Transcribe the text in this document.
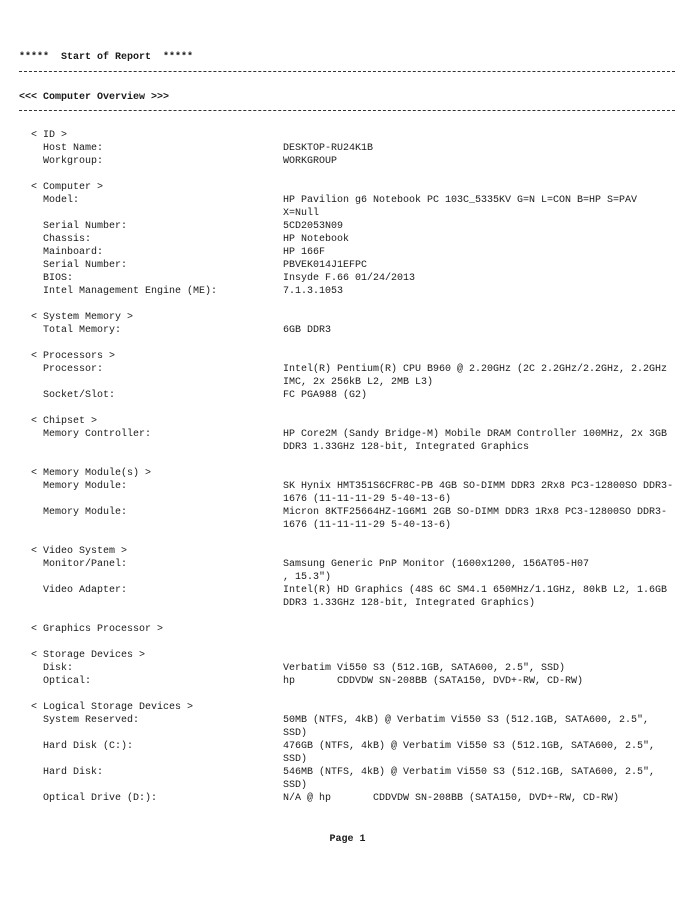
*****  Start of Report  *****
<<< Computer Overview >>>
< ID >
Host Name:	DESKTOP-RU24K1B
Workgroup:	WORKGROUP
< Computer >
Model:	HP Pavilion g6 Notebook PC 103C_5335KV G=N L=CON B=HP S=PAV X=Null
Serial Number:	5CD2053N09
Chassis:	HP Notebook
Mainboard:	HP 166F
Serial Number:	PBVEK014J1EFPC
BIOS:	Insyde F.66 01/24/2013
Intel Management Engine (ME):	7.1.3.1053
< System Memory >
Total Memory:	6GB DDR3
< Processors >
Processor:	Intel(R) Pentium(R) CPU B960 @ 2.20GHz (2C 2.2GHz/2.2GHz, 2.2GHz IMC, 2x 256kB L2, 2MB L3)
Socket/Slot:	FC PGA988 (G2)
< Chipset >
Memory Controller:	HP Core2M (Sandy Bridge-M) Mobile DRAM Controller 100MHz, 2x 3GB DDR3 1.33GHz 128-bit, Integrated Graphics
< Memory Module(s) >
Memory Module:	SK Hynix HMT351S6CFR8C-PB 4GB SO-DIMM DDR3 2Rx8 PC3-12800SO DDR3-1676 (11-11-11-29 5-40-13-6)
Memory Module:	Micron 8KTF25664HZ-1G6M1 2GB SO-DIMM DDR3 1Rx8 PC3-12800SO DDR3-1676 (11-11-11-29 5-40-13-6)
< Video System >
Monitor/Panel:	Samsung Generic PnP Monitor (1600x1200, 156AT05-H07
, 15.3")
Video Adapter:	Intel(R) HD Graphics (48S 6C SM4.1 650MHz/1.1GHz, 80kB L2, 1.6GB DDR3 1.33GHz 128-bit, Integrated Graphics)
< Graphics Processor >
< Storage Devices >
Disk:	Verbatim Vi550 S3 (512.1GB, SATA600, 2.5", SSD)
Optical:	hp       CDDVDW SN-208BB (SATA150, DVD+-RW, CD-RW)
< Logical Storage Devices >
System Reserved:	50MB (NTFS, 4kB) @ Verbatim Vi550 S3 (512.1GB, SATA600, 2.5", SSD)
Hard Disk (C:):	476GB (NTFS, 4kB) @ Verbatim Vi550 S3 (512.1GB, SATA600, 2.5", SSD)
Hard Disk:	546MB (NTFS, 4kB) @ Verbatim Vi550 S3 (512.1GB, SATA600, 2.5", SSD)
Optical Drive (D:):	N/A @ hp       CDDVDW SN-208BB (SATA150, DVD+-RW, CD-RW)
Page 1
